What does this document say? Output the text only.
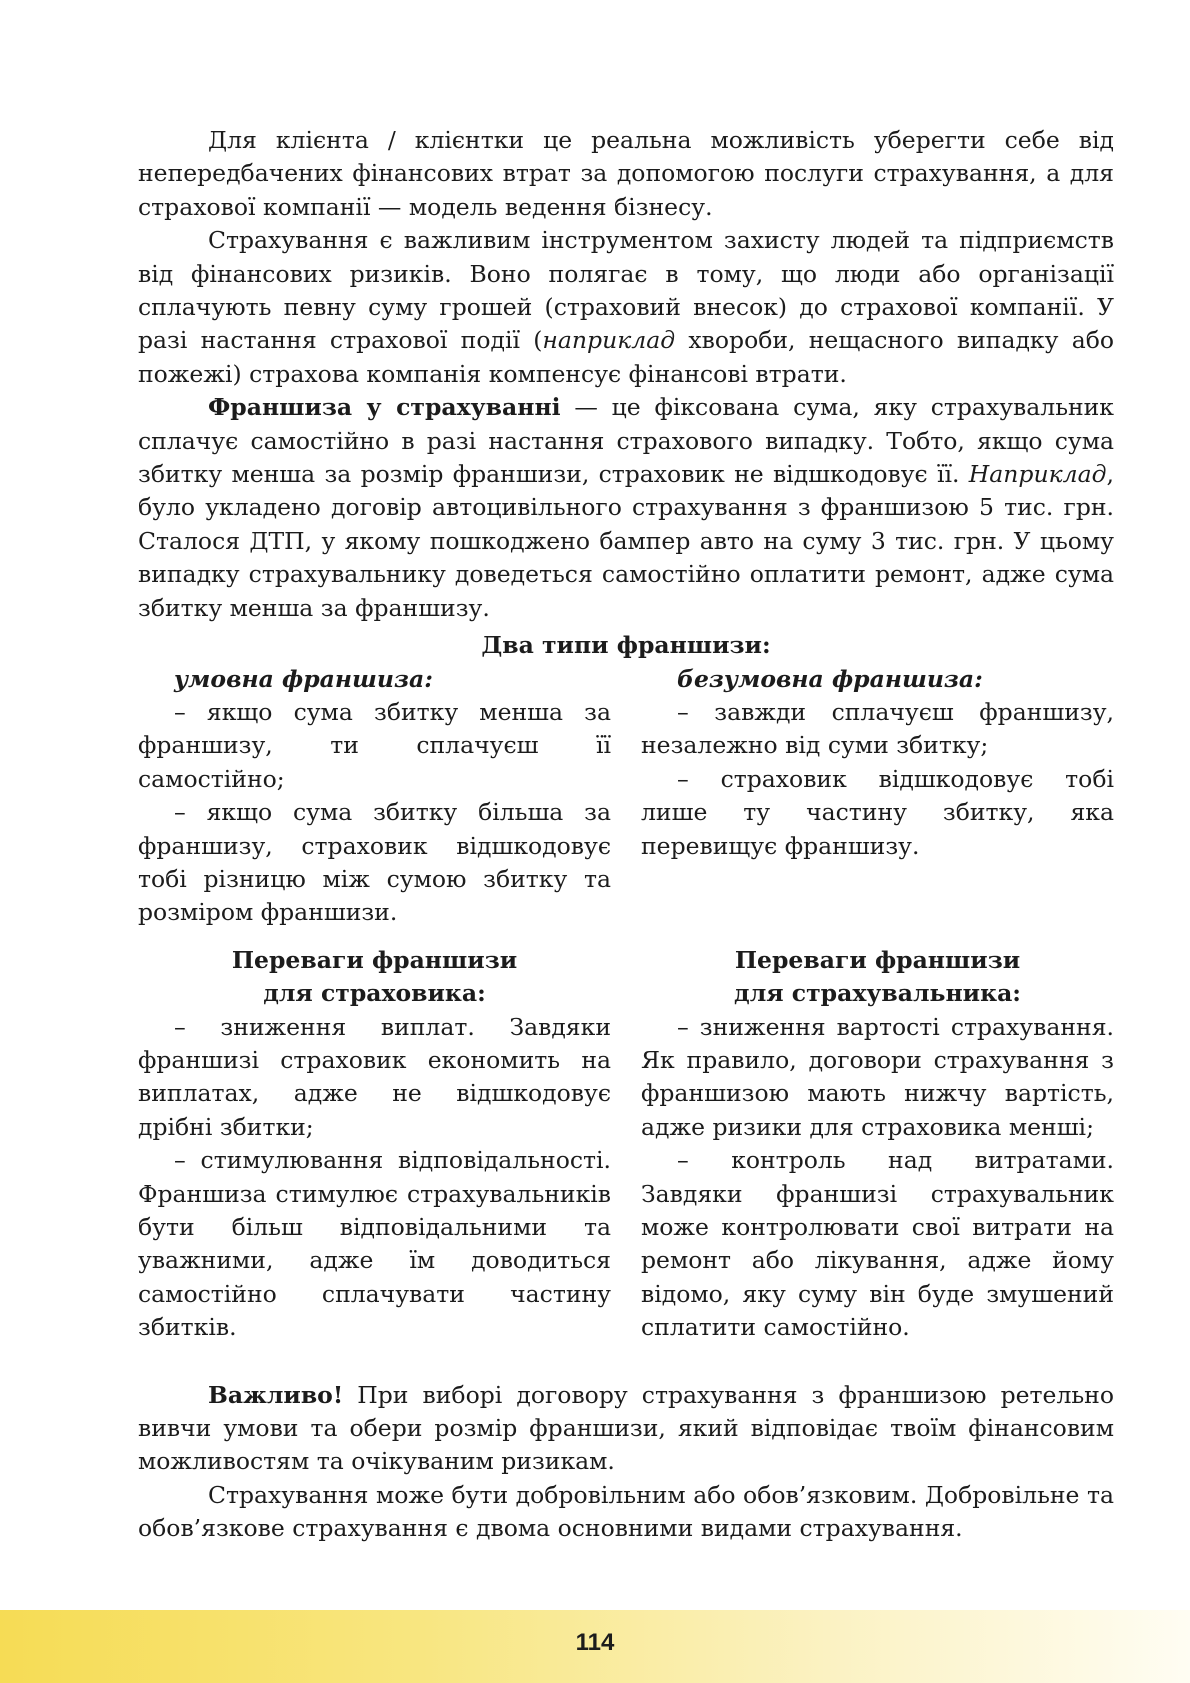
Для клієнта / клієнтки це реальна можливість уберегти себе від непередбачених фінансових втрат за допомогою послуги страхування, а для страхової компанії — модель ведення бізнесу.

Страхування є важливим інструментом захисту людей та підприємств від фінансових ризиків. Воно полягає в тому, що люди або організації сплачують певну суму грошей (страховий внесок) до страхової компанії. У разі настання страхової події (наприклад хвороби, нещасного випадку або пожежі) страхова компанія компенсує фінансові втрати.

Франшиза у страхуванні — це фіксована сума, яку страхувальник сплачує самостійно в разі настання страхового випадку. Тобто, якщо сума збитку менша за розмір франшизи, страховик не відшкодовує її. Наприклад, було укладено договір автоцивільного страхування з франшизою 5 тис. грн. Сталося ДТП, у якому пошкоджено бампер авто на суму 3 тис. грн. У цьому випадку страхувальнику доведеться самостійно оплатити ремонт, адже сума збитку менша за франшизу.

Два типи франшизи:
умовна франшиза:

– якщо сума збитку менша за франшизу, ти сплачуєш її самостійно;

– якщо сума збитку більша за франшизу, страховик відшкодовує тобі різницю між сумою збитку та розміром франшизи.

безумовна франшиза:

– завжди сплачуєш франшизу, незалежно від суми збитку;

– страховик відшкодовує тобі лише ту частину збитку, яка перевищує франшизу.

Переваги франшизи
для страховика:

– зниження виплат. Завдяки франшизі страховик економить на виплатах, адже не відшкодовує дрібні збитки;

– стимулювання відповідальності. Франшиза стимулює страхувальників бути більш відповідальними та уважними, адже їм доводиться самостійно сплачувати частину збитків.

Переваги франшизи
для страхувальника:

– зниження вартості страхування. Як правило, договори страхування з франшизою мають нижчу вартість, адже ризики для страховика менші;

– контроль над витратами. Завдяки франшизі страхувальник може контролювати свої витрати на ремонт або лікування, адже йому відомо, яку суму він буде змушений сплатити самостійно.

Важливо! При виборі договору страхування з франшизою ретельно вивчи умови та обери розмір франшизи, який відповідає твоїм фінансовим можливостям та очікуваним ризикам.

Страхування може бути добровільним або обов’язковим. Добровільне та обов’язкове страхування є двома основними видами страхування.

114
